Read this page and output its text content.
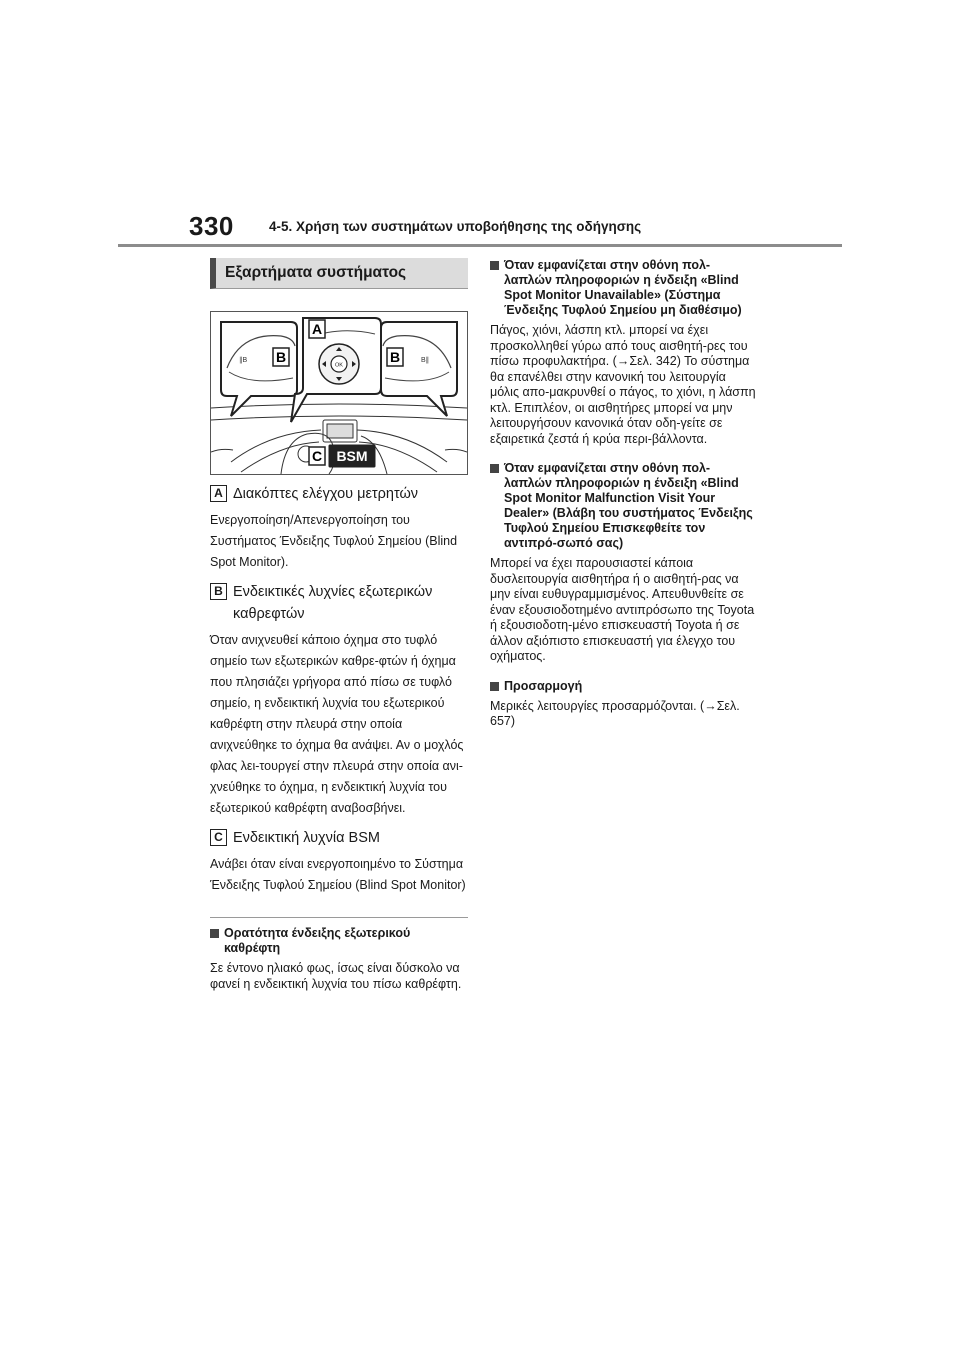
330	4-5. Χρήση των συστημάτων υποβοήθησης της οδήγησης
Εξαρτήματα συστήματος
∥B	B∥
OK
A
B	B
C BSM
A Διακόπτες ελέγχου μετρητών
Ενεργοποίηση/Απενεργοποίηση του Συστήματος Ένδειξης Τυφλού Σημείου (Blind Spot Monitor).
B Ενδεικτικές λυχνίες εξωτερικών καθρεφτών
Όταν ανιχνευθεί κάποιο όχημα στο τυφλό σημείο των εξωτερικών καθρε-φτών ή όχημα που πλησιάζει γρήγορα από πίσω σε τυφλό σημείο, η ενδεικτική λυχνία του εξωτερικού καθρέφτη στην πλευρά στην οποία ανιχνεύθηκε το όχημα θα ανάψει. Αν ο μοχλός φλας λει-τουργεί στην πλευρά στην οποία ανι-χνεύθηκε το όχημα, η ενδεικτική λυχνία του εξωτερικού καθρέφτη αναβοσβήνει.
C Ενδεικτική λυχνία BSM
Ανάβει όταν είναι ενεργοποιημένο το Σύστημα Ένδειξης Τυφλού Σημείου (Blind Spot Monitor)
Ορατότητα ένδειξης εξωτερικού καθρέφτη
Σε έντονο ηλιακό φως, ίσως είναι δύσκολο να φανεί η ενδεικτική λυχνία του πίσω καθρέφτη.
Όταν εμφανίζεται στην οθόνη πολ-λαπλών πληροφοριών η ένδειξη «Blind Spot Monitor Unavailable» (Σύστημα Ένδειξης Τυφλού Σημείου μη διαθέσιμο)
Πάγος, χιόνι, λάσπη κτλ. μπορεί να έχει προσκολληθεί γύρω από τους αισθητή-ρες του πίσω προφυλακτήρα. (→Σελ. 342) Το σύστημα θα επανέλθει στην κανονική του λειτουργία μόλις απο-μακρυνθεί ο πάγος, το χιόνι, η λάσπη κτλ. Επιπλέον, οι αισθητήρες μπορεί να μην λειτουργήσουν κανονικά όταν οδη-γείτε σε εξαιρετικά ζεστά ή κρύα περι-βάλλοντα.
Όταν εμφανίζεται στην οθόνη πολ-λαπλών πληροφοριών η ένδειξη «Blind Spot Monitor Malfunction Visit Your Dealer» (Βλάβη του συστήματος Ένδειξης Τυφλού Σημείου Επισκεφθείτε τον αντιπρό-σωπό σας)
Μπορεί να έχει παρουσιαστεί κάποια δυσλειτουργία αισθητήρα ή ο αισθητή-ρας να μην είναι ευθυγραμμισμένος. Απευθυνθείτε σε έναν εξουσιοδοτημένο αντιπρόσωπο της Toyota ή εξουσιοδοτη-μένο επισκευαστή Toyota ή σε άλλον αξιόπιστο επισκευαστή για έλεγχο του οχήματος.
Προσαρμογή
Μερικές λειτουργίες προσαρμόζονται. (→Σελ. 657)
